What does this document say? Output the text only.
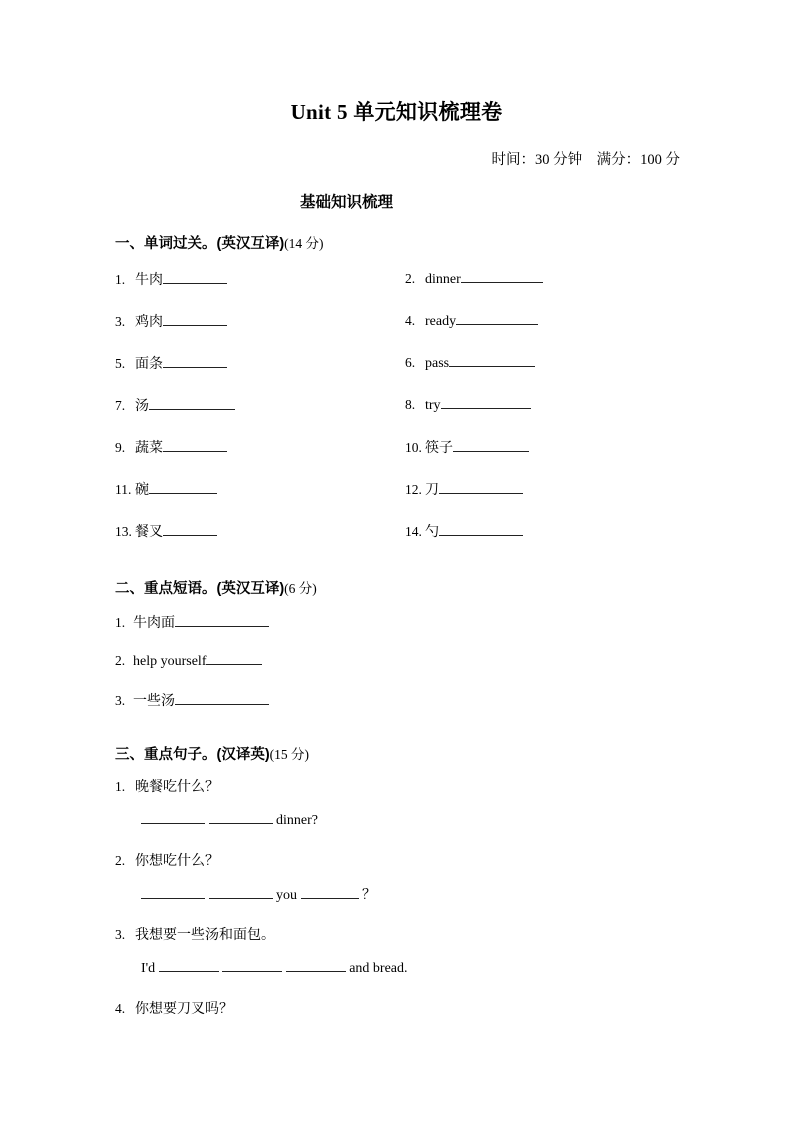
Unit 5 单元知识梳理卷
时间：30 分钟    满分：100 分
基础知识梳理
一、单词过关。(英汉互译)(14 分)
1. 牛肉	2. dinner
3. 鸡肉	4. ready
5. 面条	6. pass
7. 汤	8. try
9. 蔬菜	10. 筷子
11. 碗	12. 刀
13. 餐叉	14. 勺
二、重点短语。(英汉互译)(6 分)
1. 牛肉面
2. help yourself
3. 一些汤
三、重点句子。(汉译英)(15 分)
1. 晚餐吃什么？

dinner?
2. 你想吃什么？

you	？
3. 我想要一些汤和面包。
I'd

	and bread.
4. 你想要刀叉吗？
